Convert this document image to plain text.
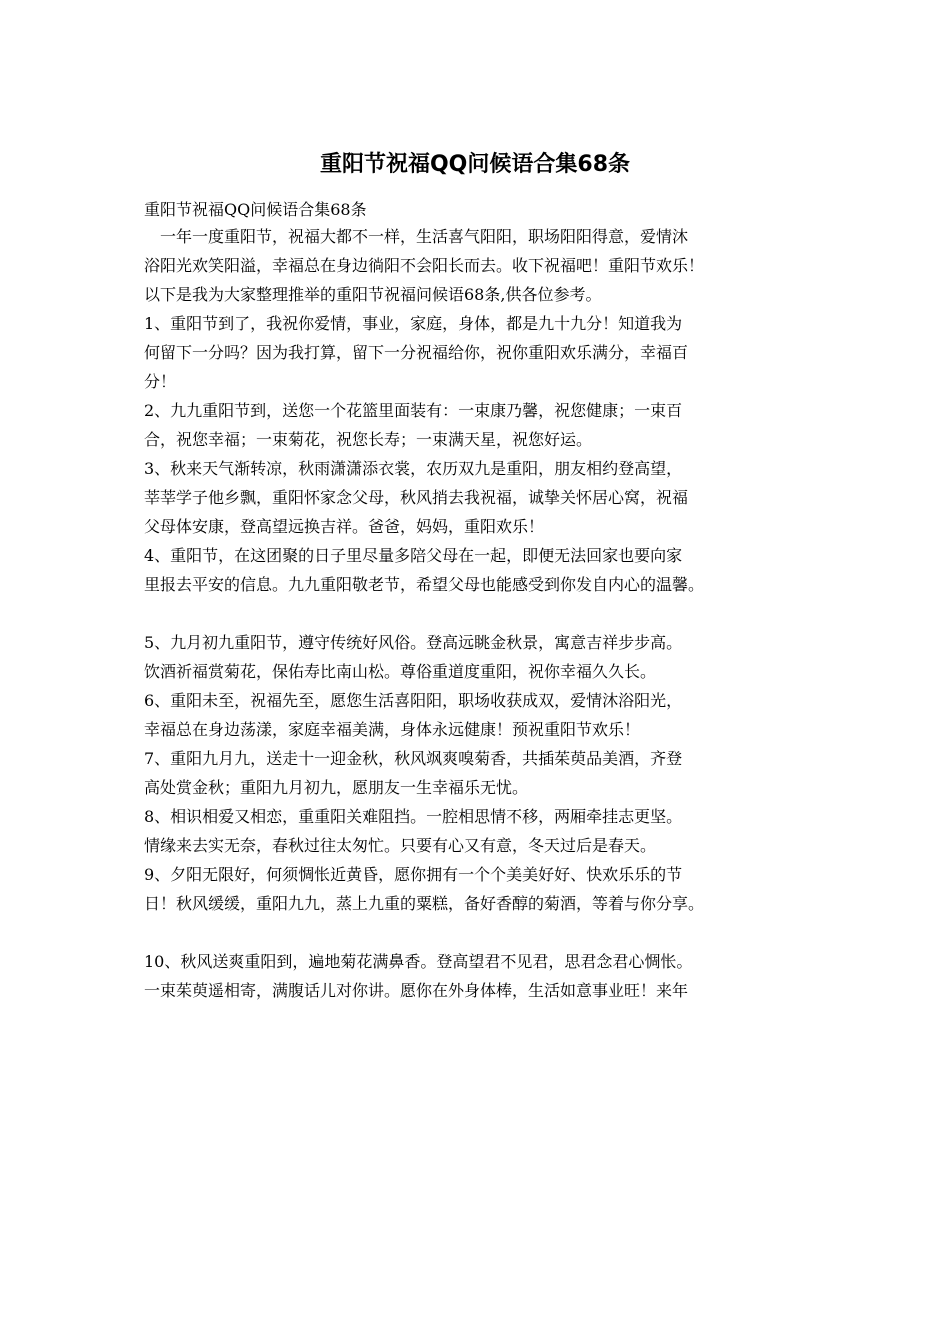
重阳节祝福QQ问候语合集68条
重阳节祝福QQ问候语合集68条
　一年一度重阳节，祝福大都不一样，生活喜气阳阳，职场阳阳得意，爱情沐
浴阳光欢笑阳溢，幸福总在身边徜阳不会阳长而去。收下祝福吧！重阳节欢乐！
以下是我为大家整理推举的重阳节祝福问候语68条,供各位参考。
1、重阳节到了，我祝你爱情，事业，家庭，身体，都是九十九分！知道我为
何留下一分吗？因为我打算，留下一分祝福给你，祝你重阳欢乐满分，幸福百
分！
2、九九重阳节到，送您一个花篮里面装有：一束康乃馨，祝您健康；一束百
合，祝您幸福；一束菊花，祝您长寿；一束满天星，祝您好运。
3、秋来天气渐转凉，秋雨潇潇添衣裳，农历双九是重阳，朋友相约登高望，
莘莘学子他乡飘，重阳怀家念父母，秋风捎去我祝福，诚挚关怀居心窝，祝福
父母体安康，登高望远换吉祥。爸爸，妈妈，重阳欢乐！
4、重阳节，在这团聚的日子里尽量多陪父母在一起，即便无法回家也要向家
里报去平安的信息。九九重阳敬老节，希望父母也能感受到你发自内心的温馨。
5、九月初九重阳节，遵守传统好风俗。登高远眺金秋景，寓意吉祥步步高。
饮酒祈福赏菊花，保佑寿比南山松。尊俗重道度重阳，祝你幸福久久长。
6、重阳未至，祝福先至，愿您生活喜阳阳，职场收获成双，爱情沐浴阳光，
幸福总在身边荡漾，家庭幸福美满，身体永远健康！预祝重阳节欢乐！
7、重阳九月九，送走十一迎金秋，秋风飒爽嗅菊香，共插茱萸品美酒，齐登
高处赏金秋；重阳九月初九，愿朋友一生幸福乐无忧。
8、相识相爱又相恋，重重阳关难阻挡。一腔相思情不移，两厢牵挂志更坚。
情缘来去实无奈，春秋过往太匆忙。只要有心又有意，冬天过后是春天。
9、夕阳无限好，何须惆怅近黄昏，愿你拥有一个个美美好好、快欢乐乐的节
日！秋风缓缓，重阳九九，蒸上九重的粟糕，备好香醇的菊酒，等着与你分享。
10、秋风送爽重阳到，遍地菊花满鼻香。登高望君不见君，思君念君心惆怅。
一束茱萸遥相寄，满腹话儿对你讲。愿你在外身体棒，生活如意事业旺！来年
